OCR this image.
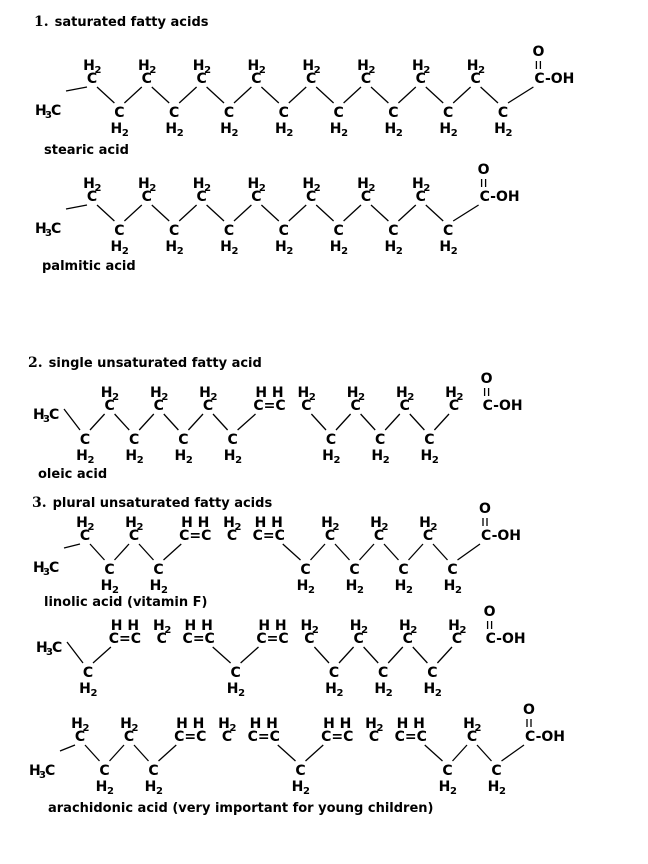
1. saturated fatty acids
2. single unsaturated fatty acid
3. plural unsaturated fatty acids
H
3 C
C
H 2
C
H 2
C
H 2
C
H 2
C
H 2
C
H 2
C
H 2
C
H 2
C
H 2
C
H 2
C
H 2
C
H 2
C
H 2
C
H 2
C
H 2
C
H 2
C-OH
O
stearic acid
H
3 C
C
H 2
C
H 2
C
H 2
C
H 2
C
H 2
C
H 2
C
H 2
C
H 2
C
H 2
C
H 2
C
H 2
C
H 2
C
H 2
C
H 2
C-OH
O
palmitic acid
H
3 C
C
H 2
C
H 2
C
H 2
C
H 2
C
H 2
C
H 2
C
H 2
C=C
H H
C
H 2
C
H 2
C
H 2
C
H 2
C
H 2
C
H 2
C
H 2
C-OH
O
oleic acid
H
3 C
C
H 2
C
H 2
C
H 2
C
H 2
C=C
H H
C
H 2
C=C
H H
C
H 2
C
H 2
C
H 2
C
H 2
C
H 2
C
H 2
C
H 2
C-OH
O
linolic acid (vitamin F)
H
3 C
C
H 2
C=C
H H
C
H 2
C=C
H H
C
H 2
C=C
H H
C
H 2
C
H 2
C
H 2
C
H 2
C
H 2
C
H 2
C
H 2
C-OH
O
H
3 C
C
H 2
C
H 2
C
H 2
C
H 2
C=C
H H
C
H 2
C=C
H H
C
H 2
C=C
H H
C
H 2
C=C
H H
C
H 2
C
H 2
C
H 2
C-OH
O
arachidonic acid (very important for young children)
